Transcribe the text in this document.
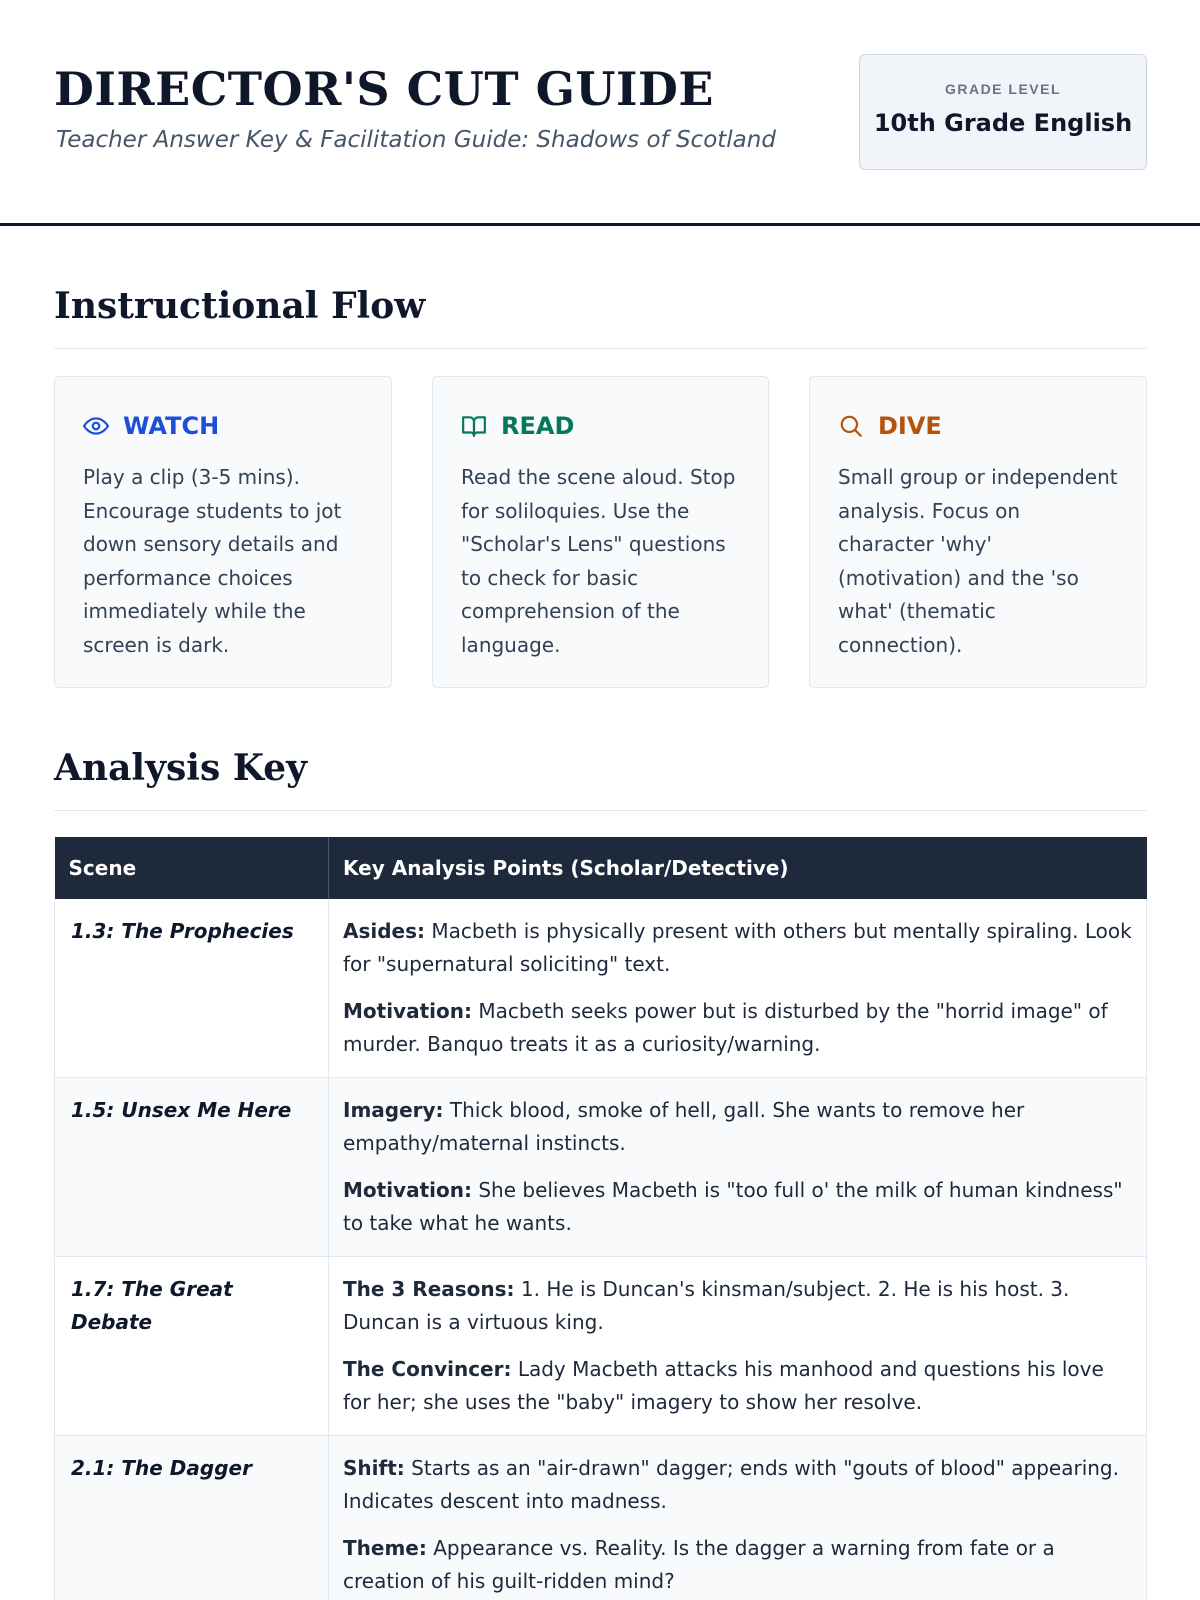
DIRECTOR'S CUT GUIDE
Teacher Answer Key & Facilitation Guide: Shadows of Scotland
GRADE LEVEL
10th Grade English
Instructional Flow
WATCH

Play a clip (3-5 mins). Encourage students to jot down sensory details and performance choices immediately while the screen is dark.

READ

Read the scene aloud. Stop for soliloquies. Use the "Scholar's Lens" questions to check for basic comprehension of the language.

DIVE

Small group or independent analysis. Focus on character 'why' (motivation) and the 'so what' (thematic connection).

Analysis Key
Scene	Key Analysis Points (Scholar/Detective)
1.3: The Prophecies	Asides: Macbeth is physically present with others but mentally spiraling. Look for "supernatural soliciting" text.
Motivation: Macbeth seeks power but is disturbed by the "horrid image" of murder. Banquo treats it as a curiosity/warning.

1.5: Unsex Me Here	Imagery: Thick blood, smoke of hell, gall. She wants to remove her empathy/maternal instincts.
Motivation: She believes Macbeth is "too full o' the milk of human kindness" to take what he wants.

1.7: The Great Debate	The 3 Reasons: 1. He is Duncan's kinsman/subject. 2. He is his host. 3. Duncan is a virtuous king.
The Convincer: Lady Macbeth attacks his manhood and questions his love for her; she uses the "baby" imagery to show her resolve.

2.1: The Dagger	Shift: Starts as an "air-drawn" dagger; ends with "gouts of blood" appearing. Indicates descent into madness.
Theme: Appearance vs. Reality. Is the dagger a warning from fate or a creation of his guilt-ridden mind?
